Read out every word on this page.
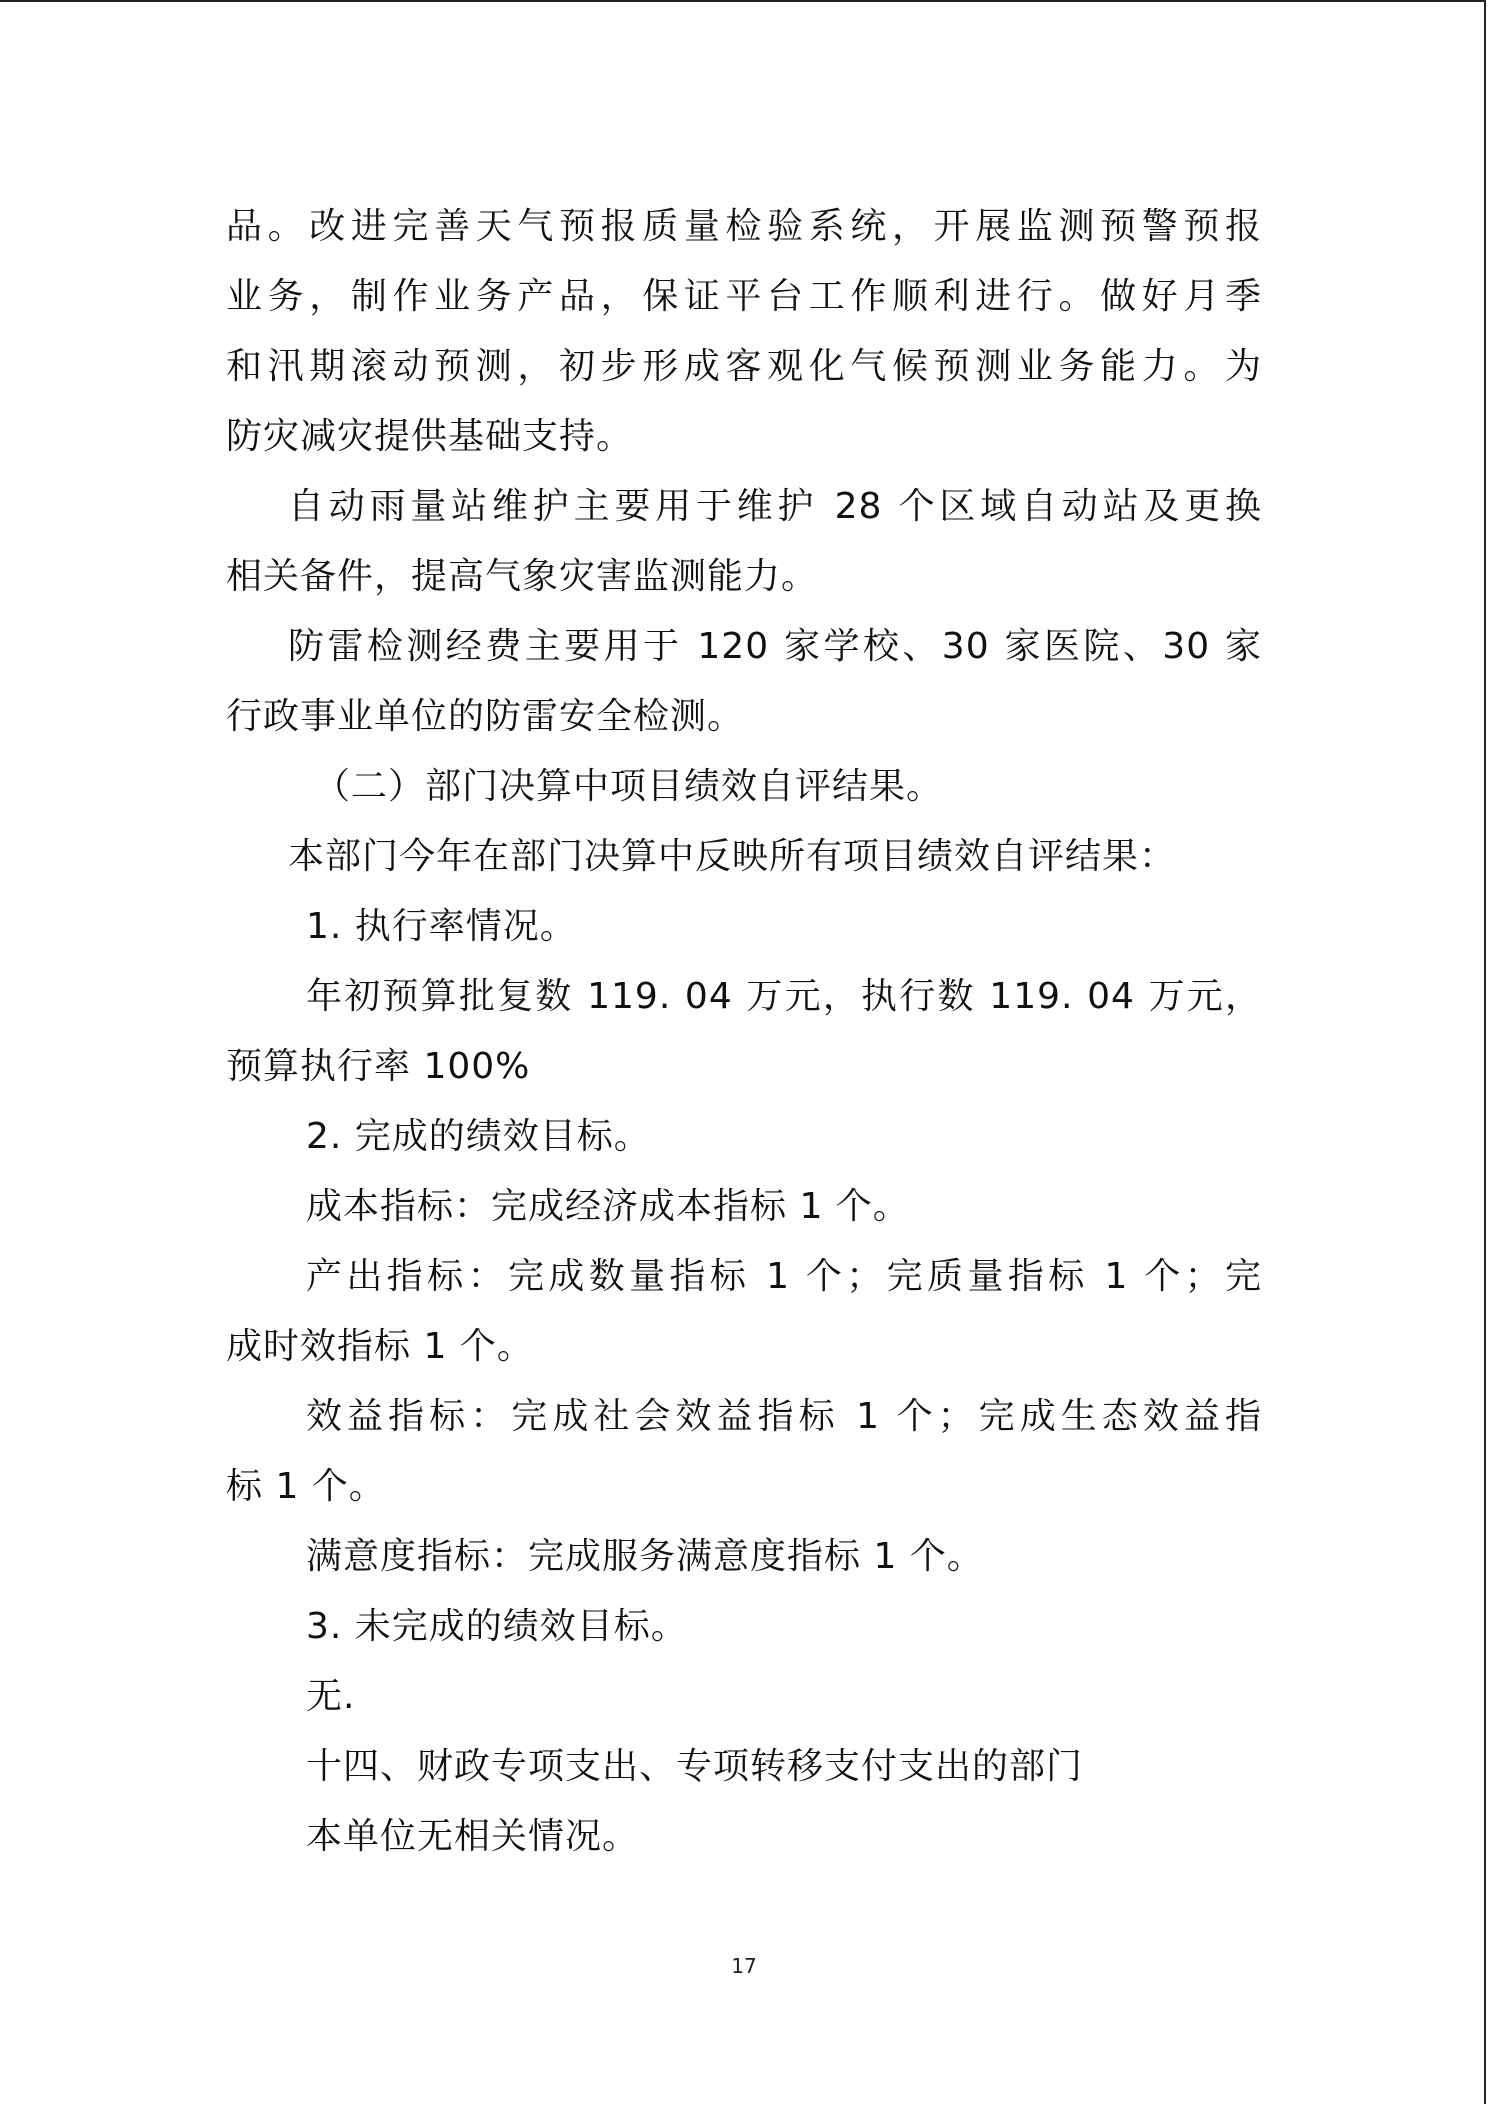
品。改进完善天气预报质量检验系统，开展监测预警预报
业务，制作业务产品，保证平台工作顺利进行。做好月季
和汛期滚动预测，初步形成客观化气候预测业务能力。为
防灾减灾提供基础支持。
自动雨量站维护主要用于维护 28 个区域自动站及更换
相关备件，提高气象灾害监测能力。
防雷检测经费主要用于 120 家学校、30 家医院、30 家
行政事业单位的防雷安全检测。
（二）部门决算中项目绩效自评结果。
本部门今年在部门决算中反映所有项目绩效自评结果：
1. 执行率情况。
年初预算批复数 119. 04 万元，执行数 119. 04 万元，
预算执行率 100%
2. 完成的绩效目标。
成本指标：完成经济成本指标 1 个。
产出指标：完成数量指标 1 个；完质量指标 1 个；完
成时效指标 1 个。
效益指标：完成社会效益指标 1 个；完成生态效益指
标 1 个。
满意度指标：完成服务满意度指标 1 个。
3. 未完成的绩效目标。
无.
十四、财政专项支出、专项转移支付支出的部门
本单位无相关情况。
17
